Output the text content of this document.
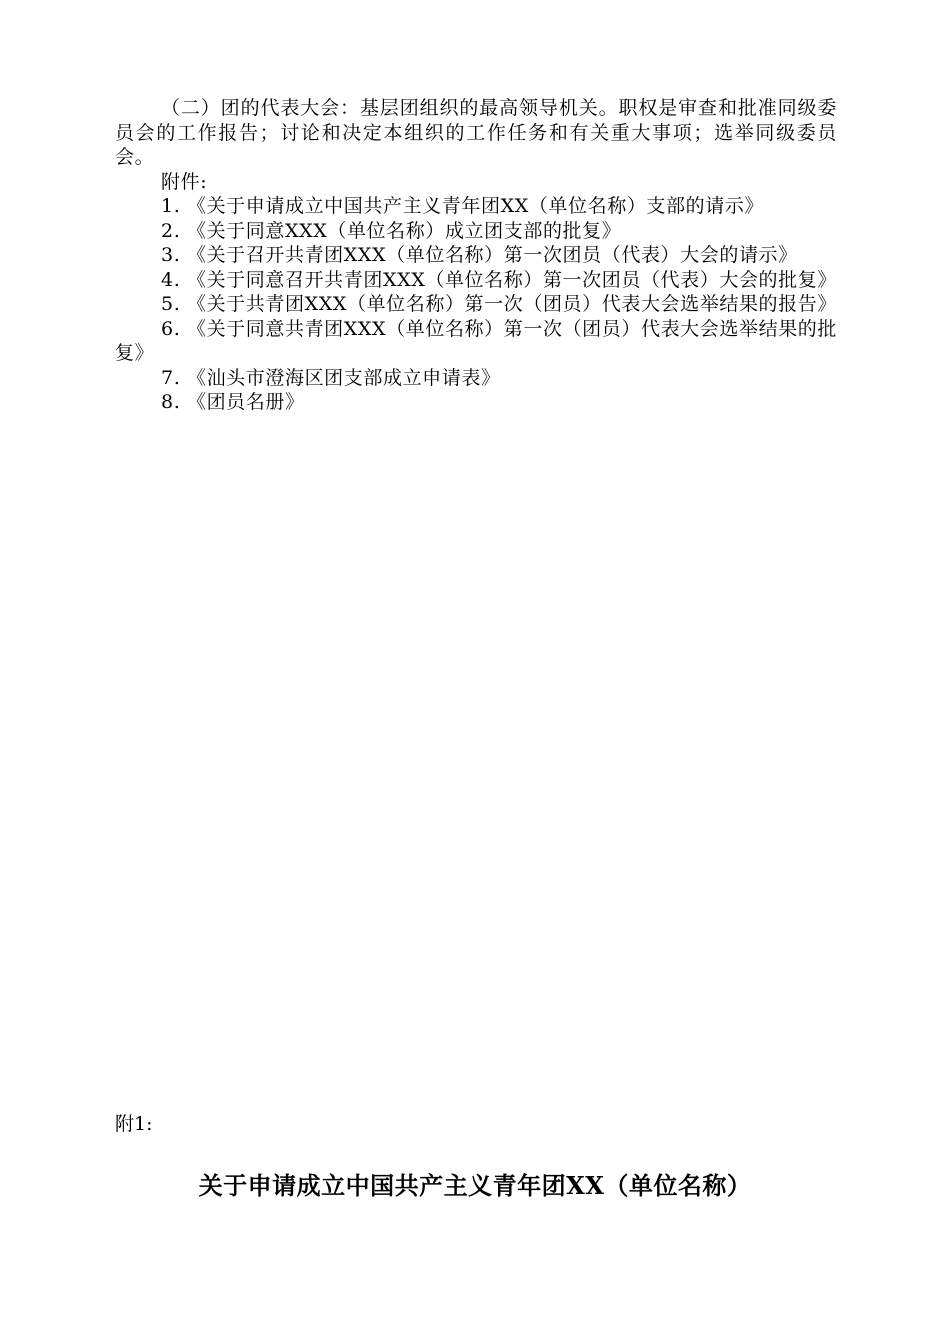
（二）团的代表大会：基层团组织的最高领导机关。职权是审查和批准同级委员会的工作报告；讨论和决定本组织的工作任务和有关重大事项；选举同级委员会。

附件:

1. 《关于申请成立中国共产主义青年团XX（单位名称）支部的请示》

2. 《关于同意XXX（单位名称）成立团支部的批复》

3. 《关于召开共青团XXX（单位名称）第一次团员（代表）大会的请示》

4. 《关于同意召开共青团XXX（单位名称）第一次团员（代表）大会的批复》

5. 《关于共青团XXX（单位名称）第一次（团员）代表大会选举结果的报告》

6. 《关于同意共青团XXX（单位名称）第一次（团员）代表大会选举结果的批复》

7. 《汕头市澄海区团支部成立申请表》

8. 《团员名册》

附1:
关于申请成立中国共产主义青年团XX（单位名称）
